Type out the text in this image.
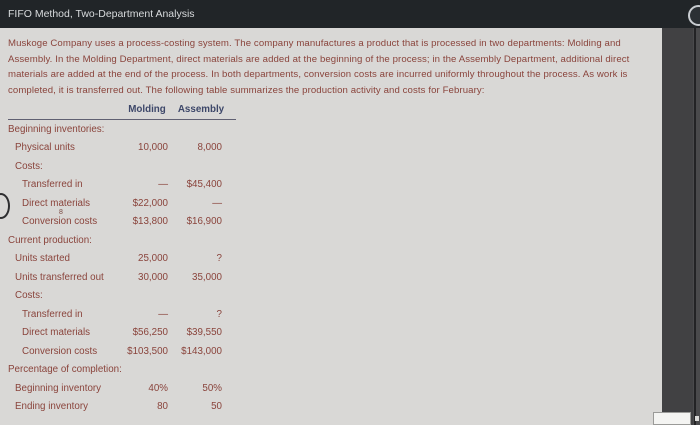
FIFO Method, Two-Department Analysis

Muskoge Company uses a process-costing system. The company manufactures a product that is processed in two departments: Molding and Assembly. In the Molding Department, direct materials are added at the beginning of the process; in the Assembly Department, additional direct materials are added at the end of the process. In both departments, conversion costs are incurred uniformly throughout the process. As work is completed, it is transferred out. The following table summarizes the production activity and costs for February:

Molding	Assembly
Beginning inventories:
Physical units	10,000	8,000
Costs:
Transferred in	—	$45,400
Direct materials	$22,000	—
Conversion costs	$13,800	$16,900
Current production:
Units started	25,000	?
Units transferred out	30,000	35,000
Costs:
Transferred in	—	?
Direct materials	$56,250	$39,550
Conversion costs	$103,500	$143,000
Percentage of completion:
Beginning inventory	40%	50%
Ending inventory	80	50
8
